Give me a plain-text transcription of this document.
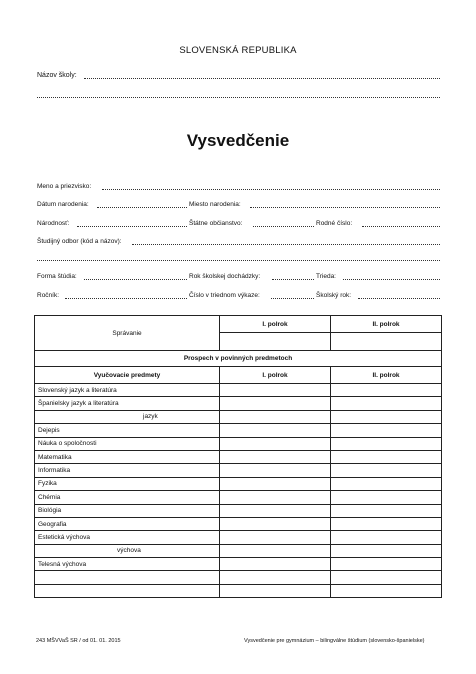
SLOVENSKÁ REPUBLIKA
Názov školy:
Vysvedčenie
Meno a priezvisko:
Dátum narodenia:	Miesto narodenia:
Národnosť:	Štátne občianstvo:	Rodné číslo:
Študijný odbor (kód a názov):
Forma štúdia:	Rok školskej dochádzky:	Trieda:
Ročník:	Číslo v triednom výkaze:	Školský rok:
Správanie	I. polrok	II. polrok

Prospech v povinných predmetoch		
Vyučovacie predmety	I. polrok	II. polrok
Slovenský jazyk a literatúra		
Španielsky jazyk a literatúra		
jazyk		
Dejepis		
Náuka o spoločnosti		
Matematika		
Informatika		
Fyzika		
Chémia		
Biológia		
Geografia		
Estetická výchova		
výchova		
Telesná výchova		

243 MŠVVaŠ SR / od 01. 01. 2015	Vysvedčenie pre gymnázium – bilingválne štúdium (slovensko-španielske)
